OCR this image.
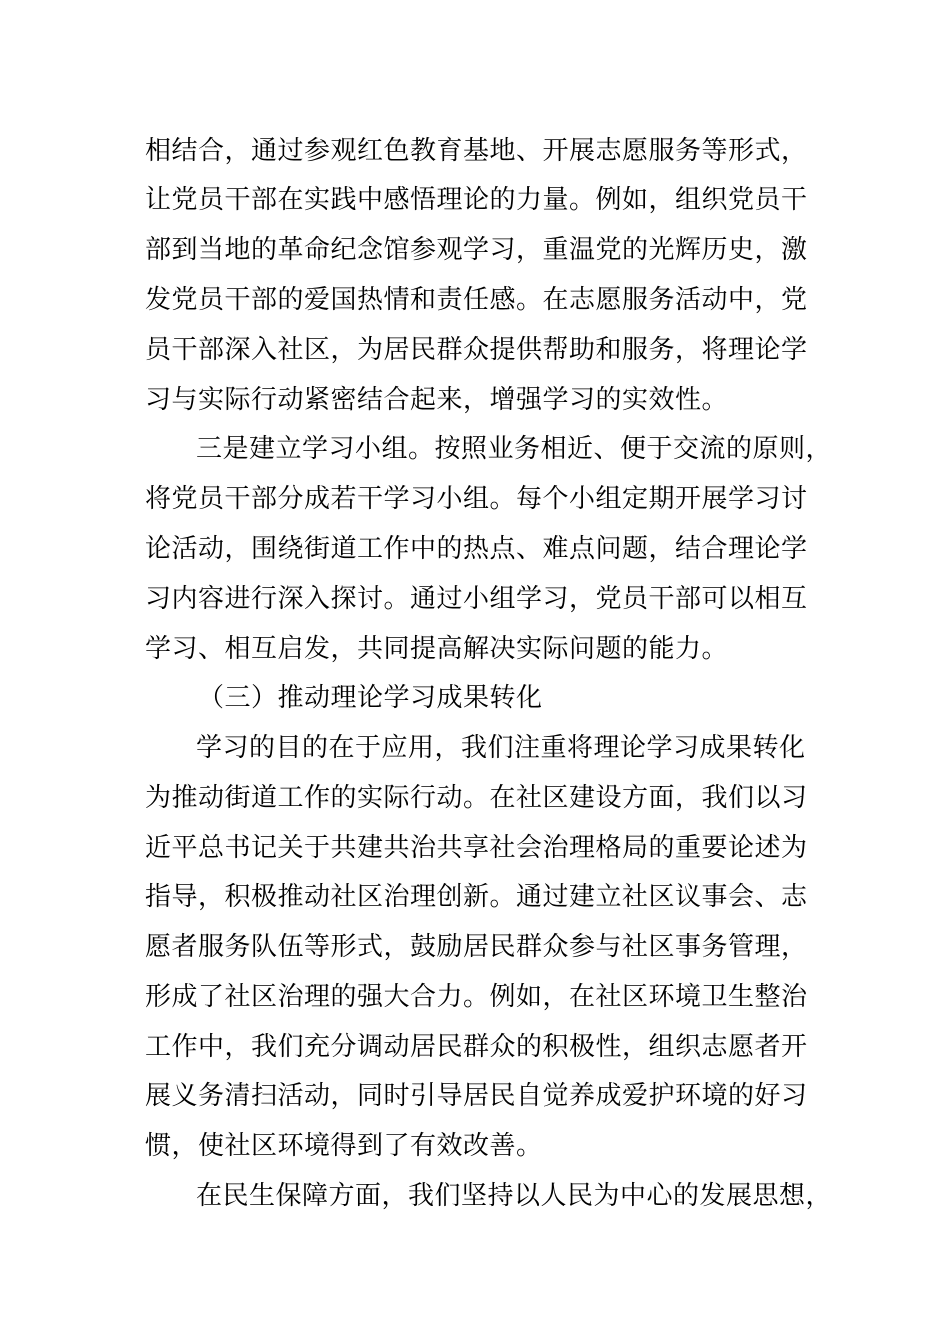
相结合，通过参观红色教育基地、开展志愿服务等形式，
让党员干部在实践中感悟理论的力量。例如，组织党员干
部到当地的革命纪念馆参观学习，重温党的光辉历史，激
发党员干部的爱国热情和责任感。在志愿服务活动中，党
员干部深入社区，为居民群众提供帮助和服务，将理论学
习与实际行动紧密结合起来，增强学习的实效性。
三是建立学习小组。按照业务相近、便于交流的原则，
将党员干部分成若干学习小组。每个小组定期开展学习讨
论活动，围绕街道工作中的热点、难点问题，结合理论学
习内容进行深入探讨。通过小组学习，党员干部可以相互
学习、相互启发，共同提高解决实际问题的能力。
（三）推动理论学习成果转化
学习的目的在于应用，我们注重将理论学习成果转化
为推动街道工作的实际行动。在社区建设方面，我们以习
近平总书记关于共建共治共享社会治理格局的重要论述为
指导，积极推动社区治理创新。通过建立社区议事会、志
愿者服务队伍等形式，鼓励居民群众参与社区事务管理，
形成了社区治理的强大合力。例如，在社区环境卫生整治
工作中，我们充分调动居民群众的积极性，组织志愿者开
展义务清扫活动，同时引导居民自觉养成爱护环境的好习
惯，使社区环境得到了有效改善。
在民生保障方面，我们坚持以人民为中心的发展思想，
